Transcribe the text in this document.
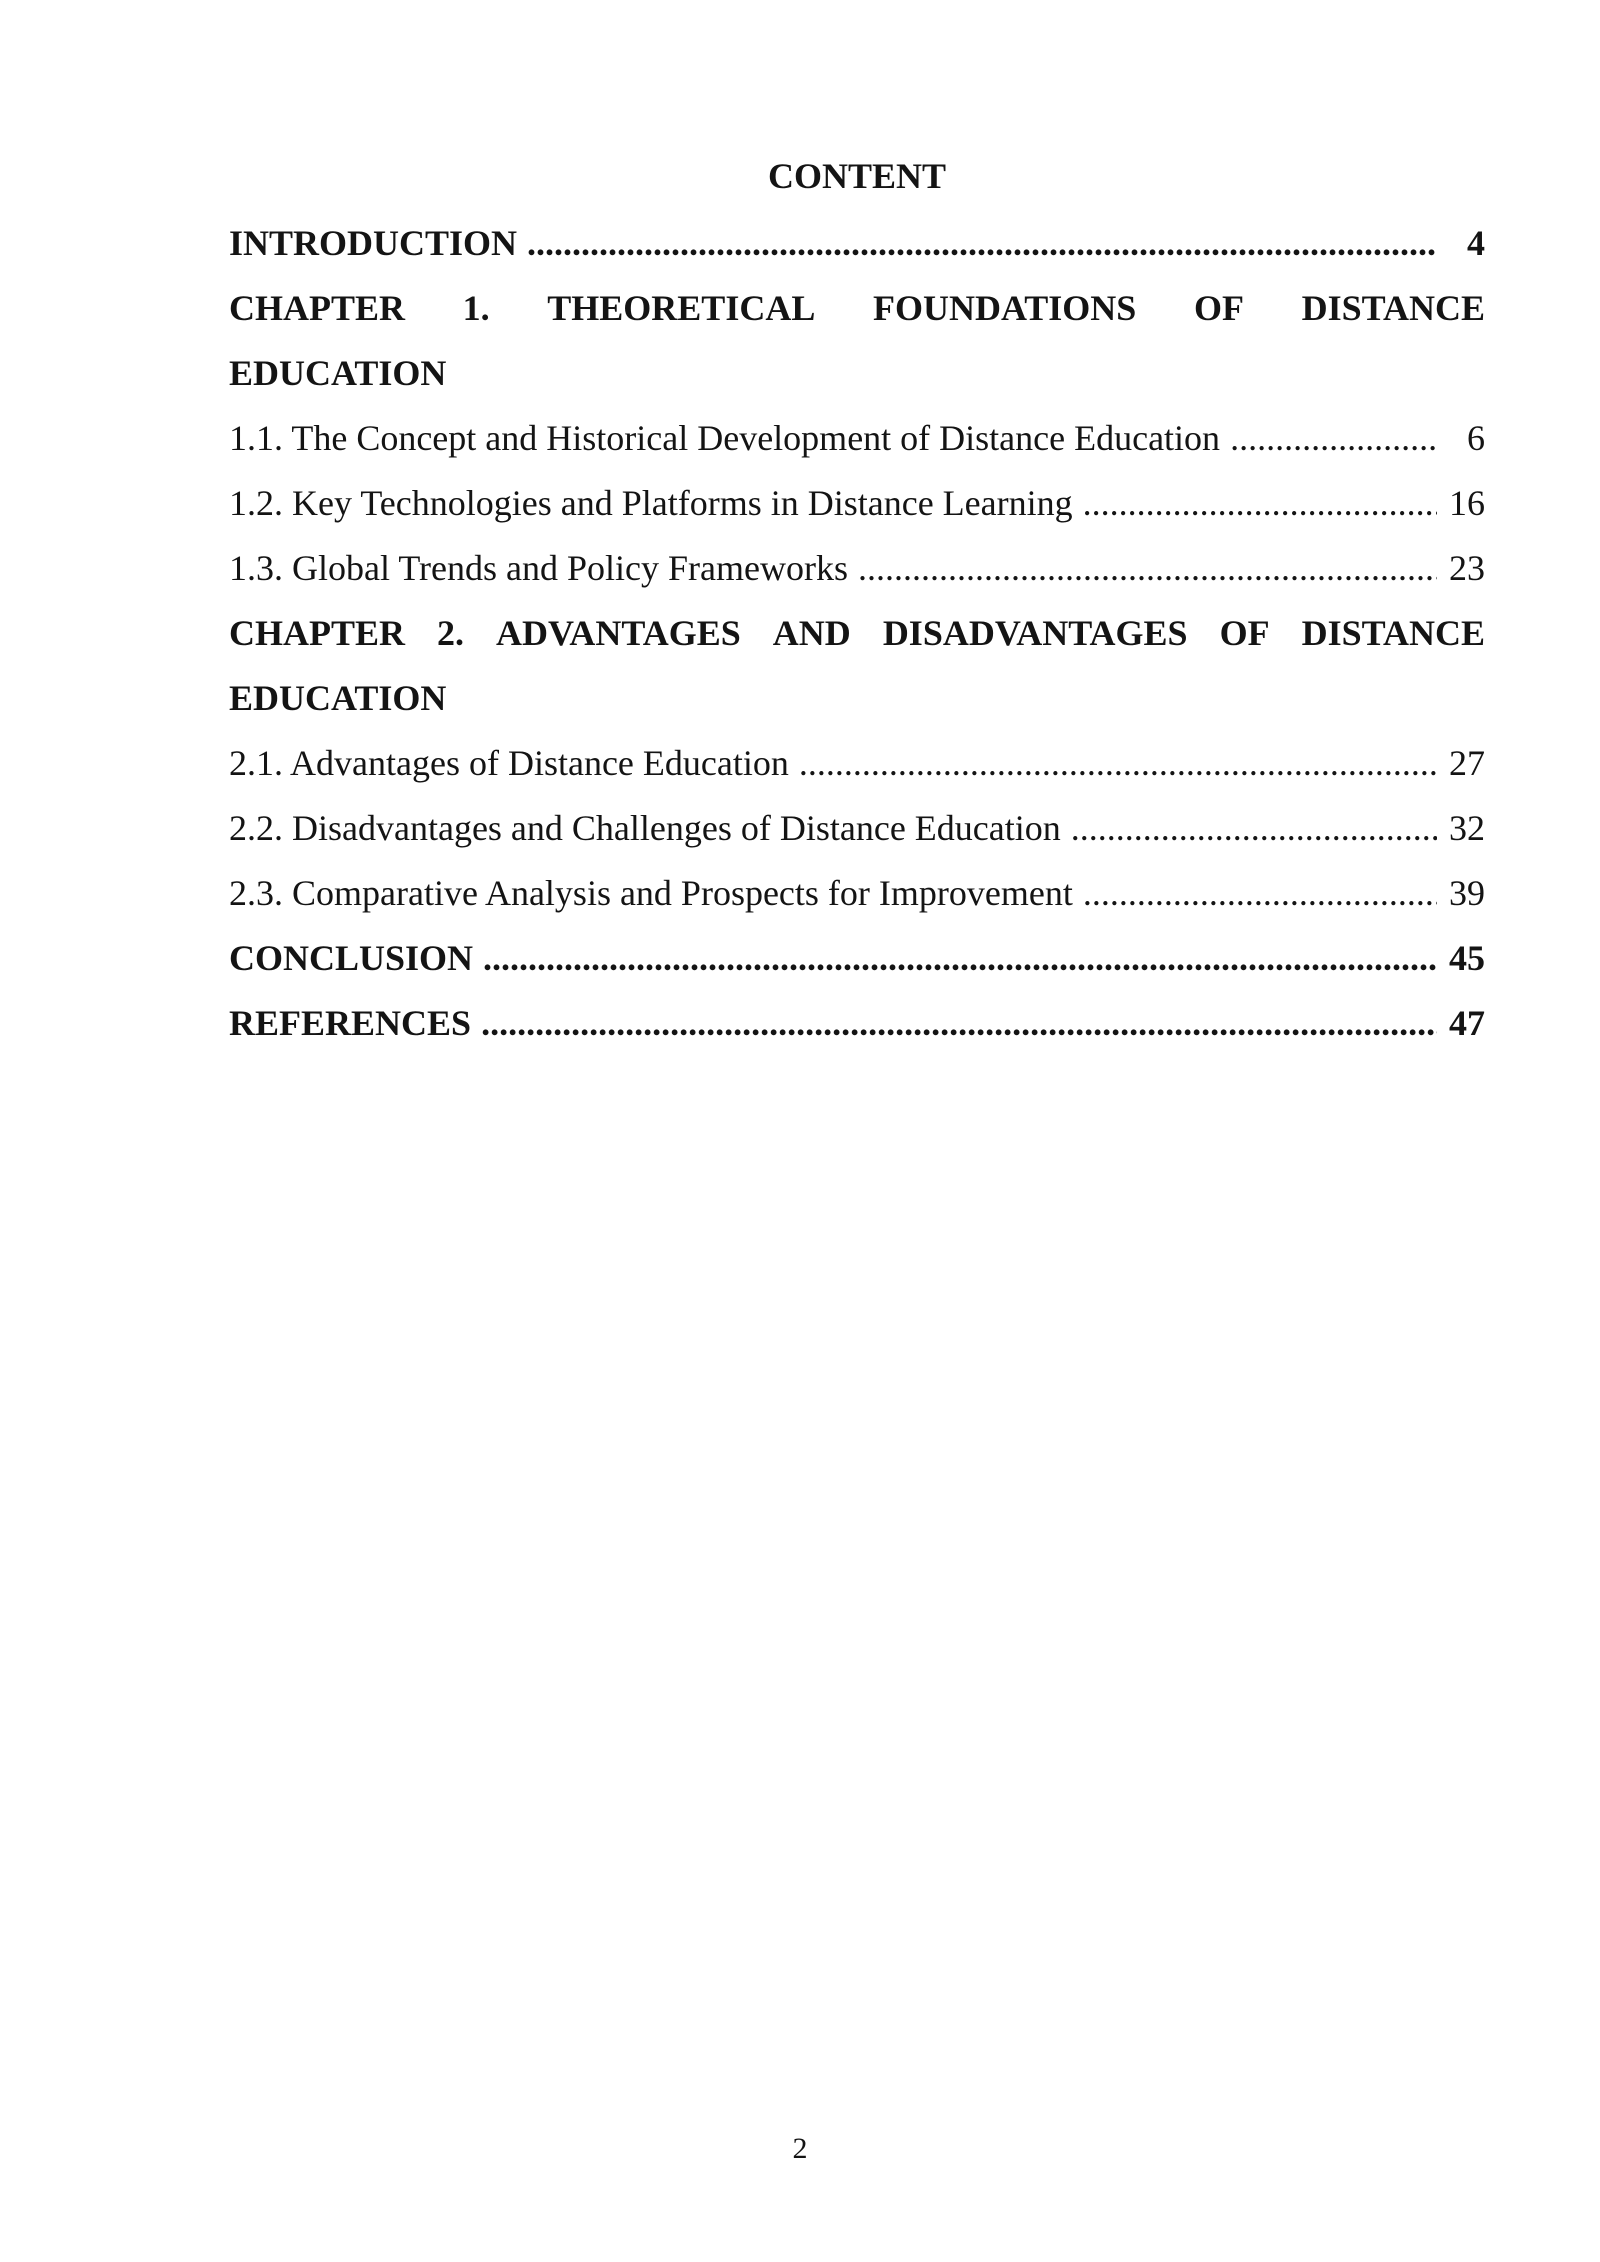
CONTENT
INTRODUCTION .....	4
CHAPTER 1. THEORETICAL FOUNDATIONS OF DISTANCE
EDUCATION
1.1. The Concept and Historical Development of Distance Education .....	6
1.2. Key Technologies and Platforms in Distance Learning .....	16
1.3. Global Trends and Policy Frameworks .....	23
CHAPTER 2. ADVANTAGES AND DISADVANTAGES OF DISTANCE
EDUCATION
2.1. Advantages of Distance Education .....	27
2.2. Disadvantages and Challenges of Distance Education .....	32
2.3. Comparative Analysis and Prospects for Improvement .....	39
CONCLUSION .....	45
REFERENCES .....	47
2
